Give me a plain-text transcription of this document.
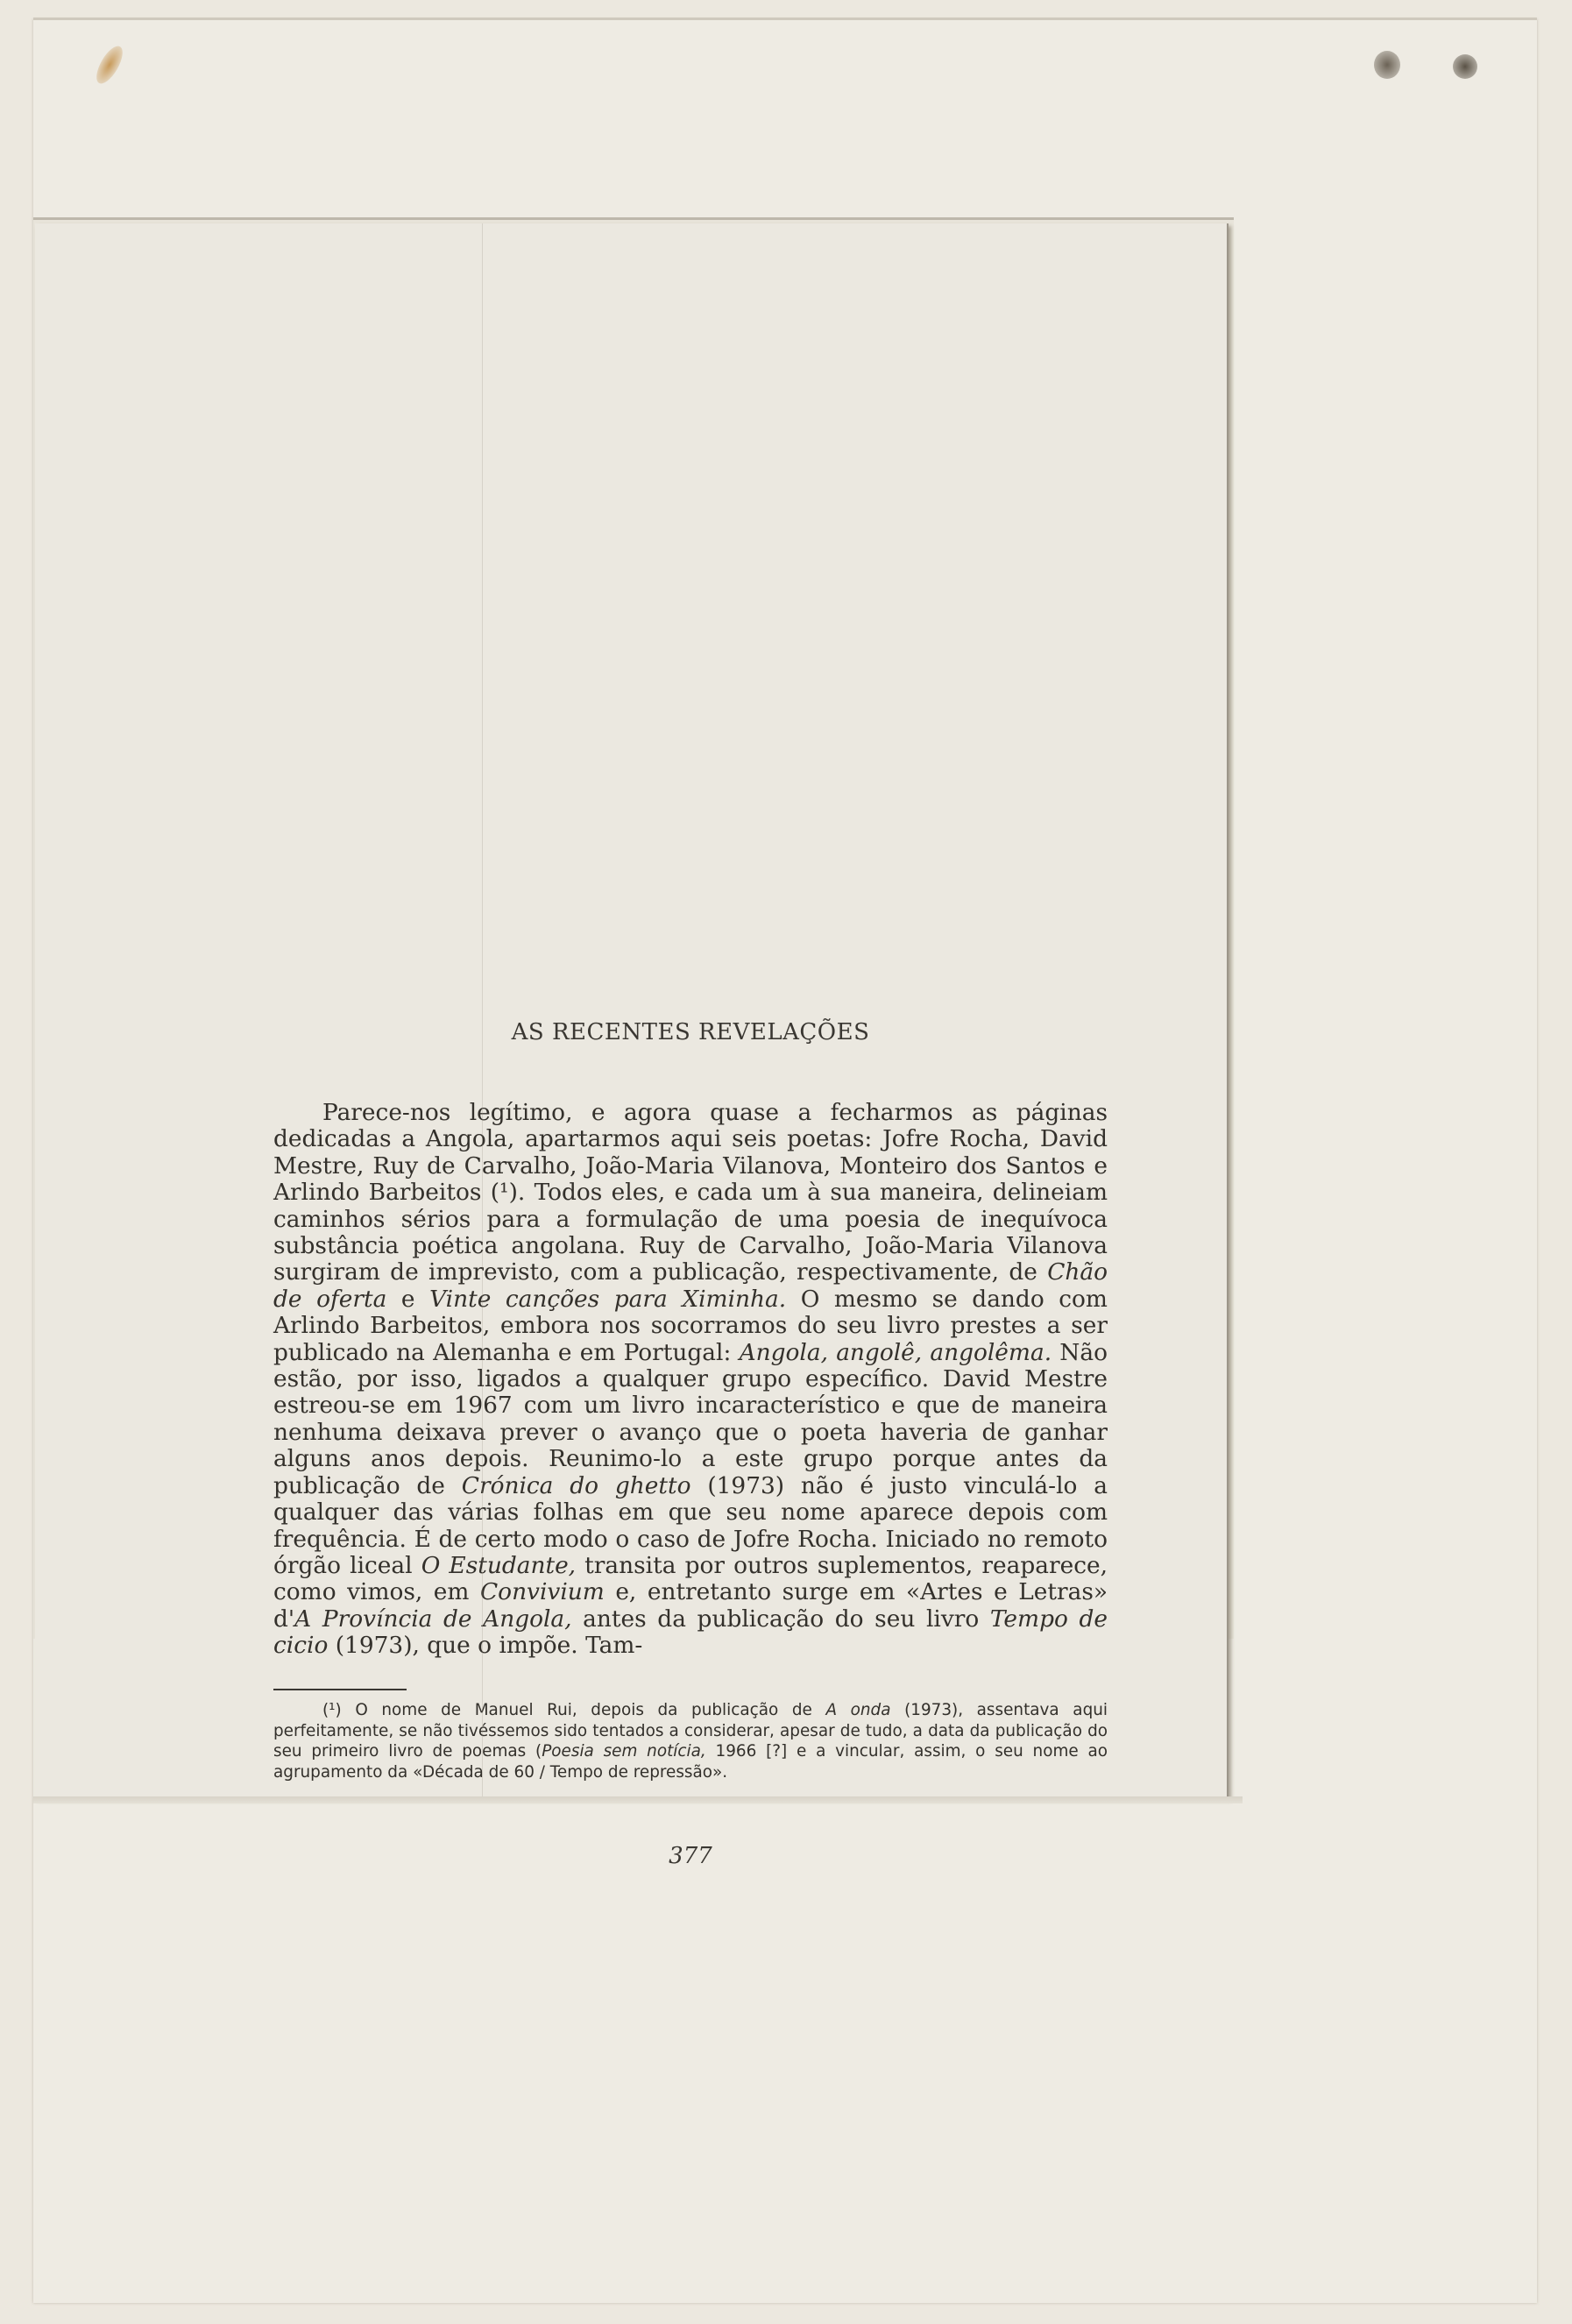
AS RECENTES REVELAÇÕES

Parece-nos legítimo, e agora quase a fecharmos as páginas dedicadas a Angola, apartarmos aqui seis poetas: Jofre Rocha, David Mestre, Ruy de Carvalho, João-Maria Vilanova, Monteiro dos Santos e Arlindo Barbeitos (¹). Todos eles, e cada um à sua maneira, delineiam caminhos sérios para a formulação de uma poesia de inequívoca substância poética angolana. Ruy de Carvalho, João-Maria Vilanova surgiram de imprevisto, com a publicação, respectivamente, de Chão de oferta e Vinte canções para Ximinha. O mesmo se dando com Arlindo Barbeitos, embora nos socorramos do seu livro prestes a ser publicado na Alemanha e em Portugal: Angola, angolê, angolêma. Não estão, por isso, ligados a qualquer grupo específico. David Mestre estreou-se em 1967 com um livro incaracterístico e que de maneira nenhuma deixava prever o avanço que o poeta haveria de ganhar alguns anos depois. Reunimo-lo a este grupo porque antes da publicação de Crónica do ghetto (1973) não é justo vinculá-lo a qualquer das várias folhas em que seu nome aparece depois com frequência. É de certo modo o caso de Jofre Rocha. Iniciado no remoto órgão liceal O Estudante, transita por outros suplementos, reaparece, como vimos, em Convivium e, entretanto surge em «Artes e Letras» d'A Província de Angola, antes da publicação do seu livro Tempo de cicio (1973), que o impõe. Tam-

(¹) O nome de Manuel Rui, depois da publicação de A onda (1973), assentava aqui perfeitamente, se não tivéssemos sido tentados a considerar, apesar de tudo, a data da publicação do seu primeiro livro de poemas (Poesia sem notícia, 1966 [?] e a vincular, assim, o seu nome ao agrupamento da «Década de 60 / Tempo de repressão».

377
